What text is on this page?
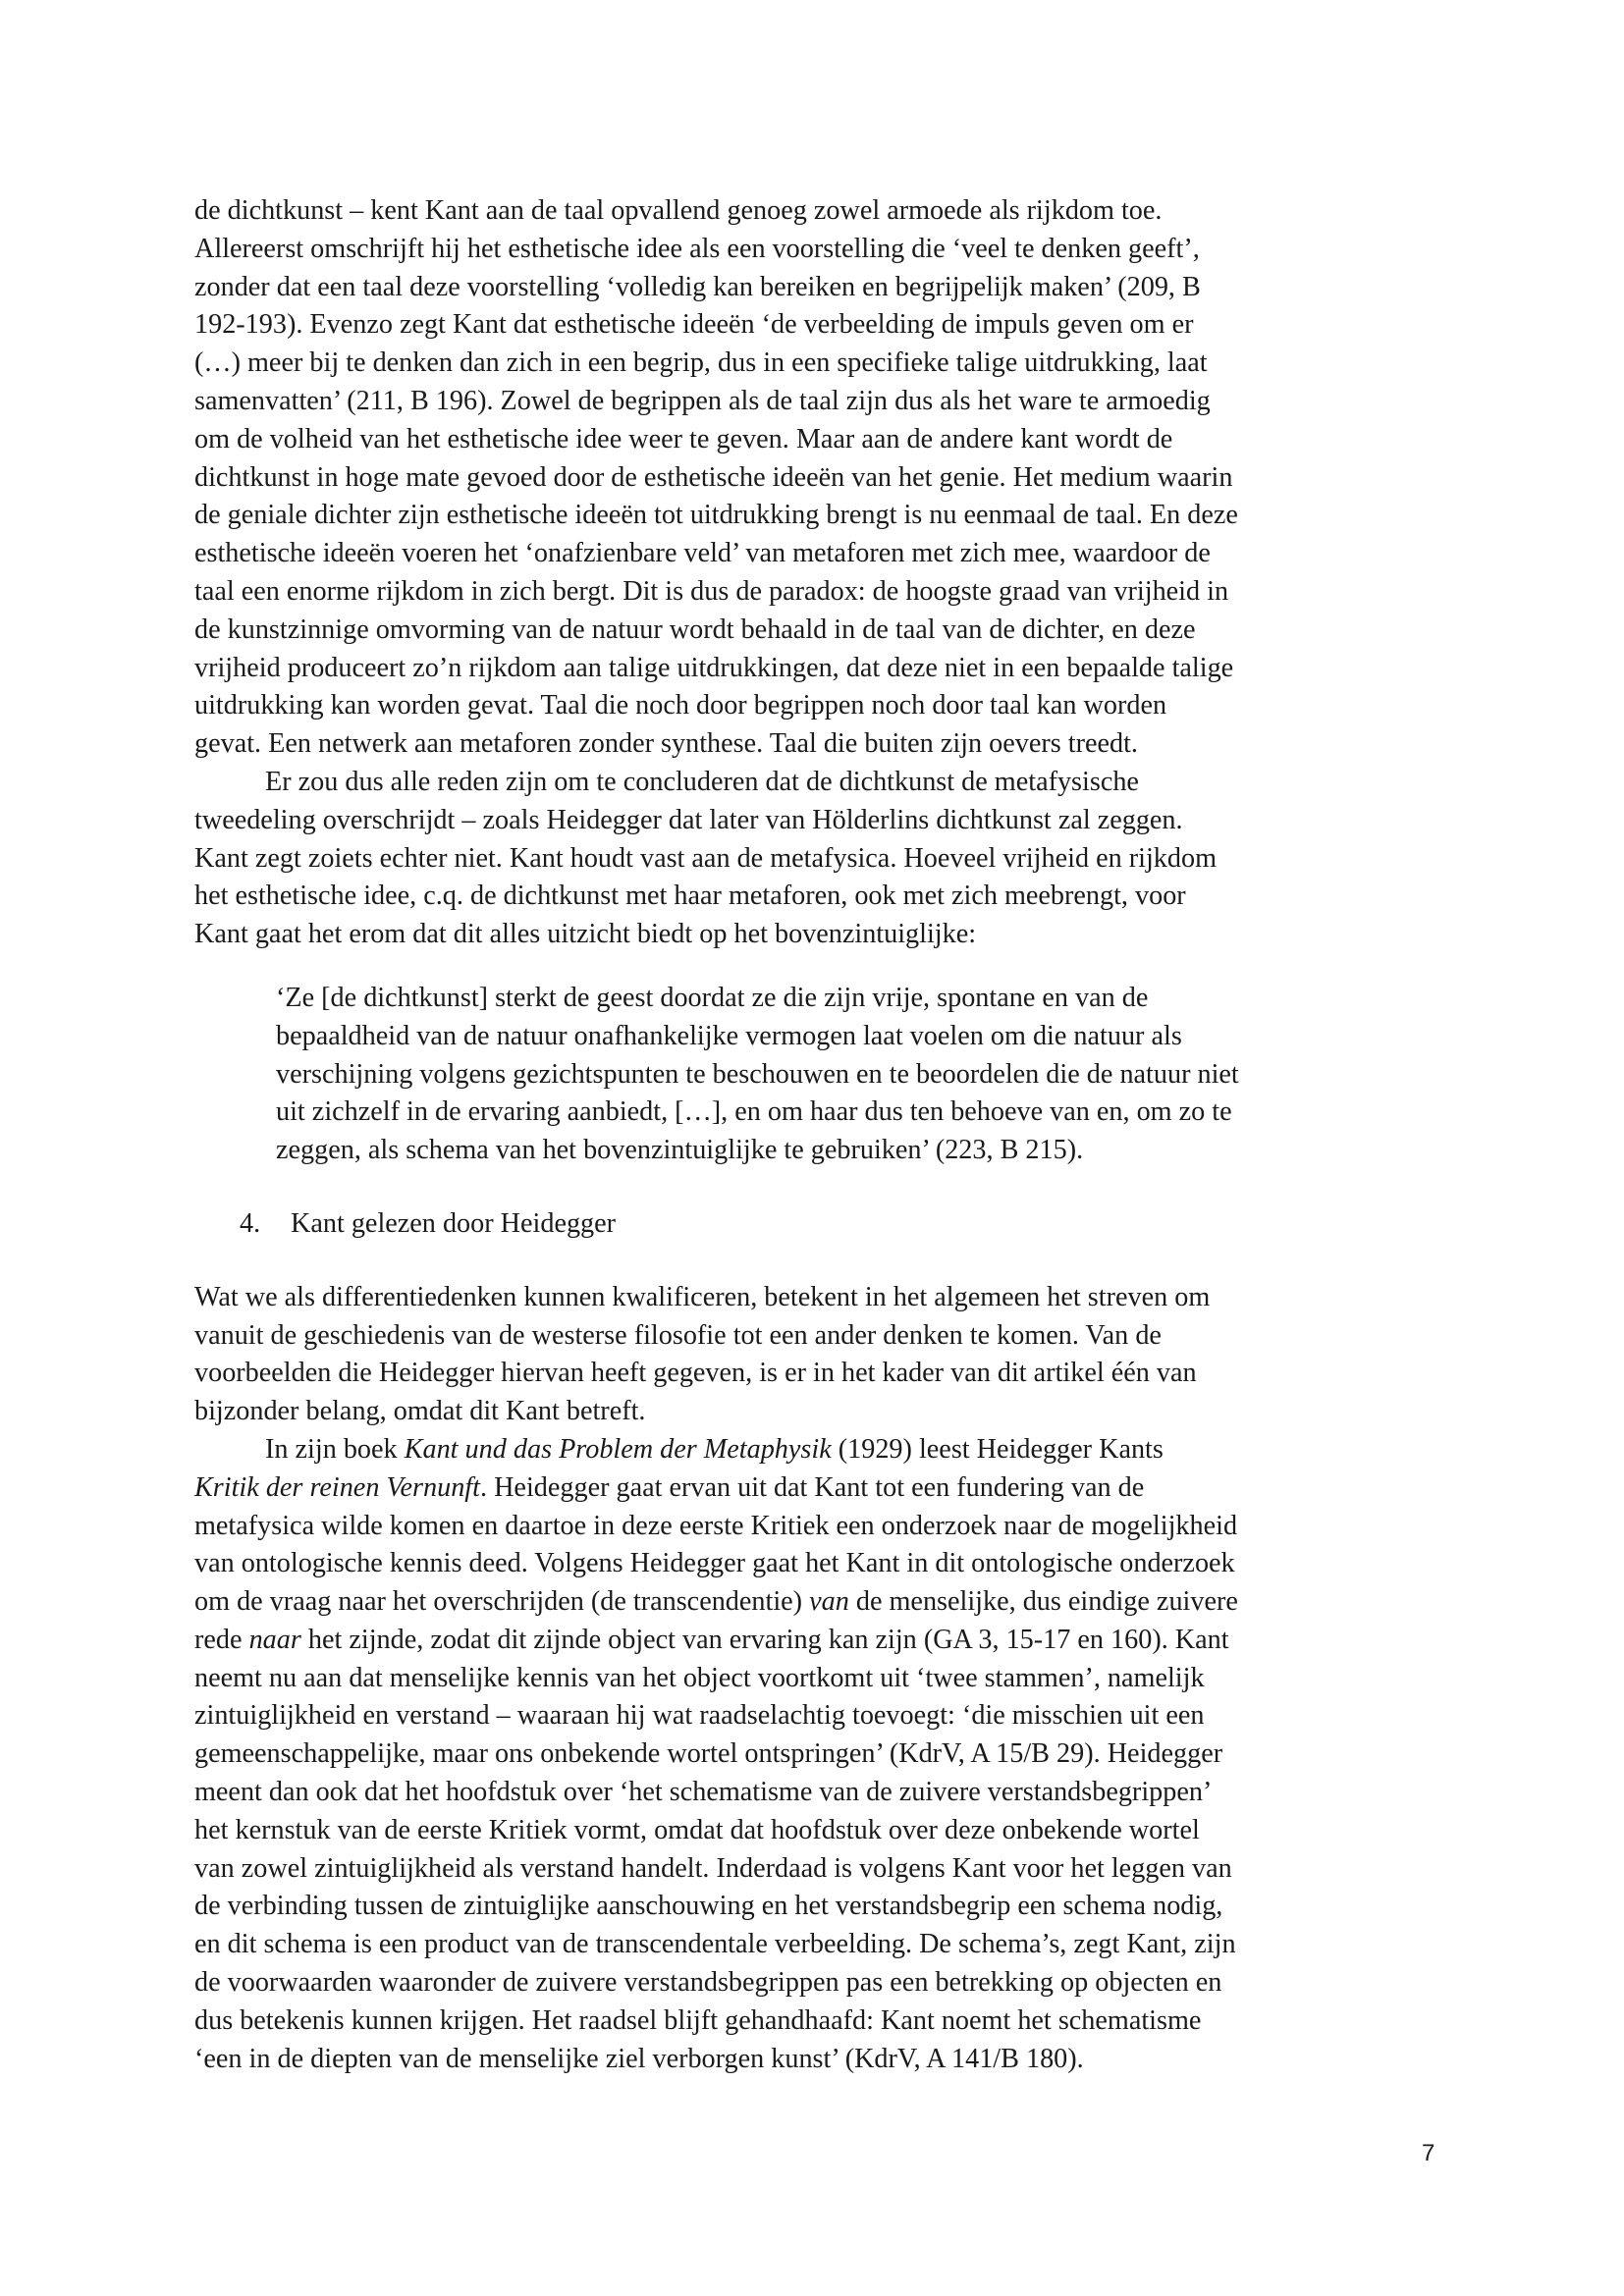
de dichtkunst – kent Kant aan de taal opvallend genoeg zowel armoede als rijkdom toe.
Allereerst omschrijft hij het esthetische idee als een voorstelling die ‘veel te denken geeft’,
zonder dat een taal deze voorstelling ‘volledig kan bereiken en begrijpelijk maken’ (209, B
192-193). Evenzo zegt Kant dat esthetische ideeën ‘de verbeelding de impuls geven om er
(…) meer bij te denken dan zich in een begrip, dus in een specifieke talige uitdrukking, laat
samenvatten’ (211, B 196). Zowel de begrippen als de taal zijn dus als het ware te armoedig
om de volheid van het esthetische idee weer te geven. Maar aan de andere kant wordt de
dichtkunst in hoge mate gevoed door de esthetische ideeën van het genie. Het medium waarin
de geniale dichter zijn esthetische ideeën tot uitdrukking brengt is nu eenmaal de taal. En deze
esthetische ideeën voeren het ‘onafzienbare veld’ van metaforen met zich mee, waardoor de
taal een enorme rijkdom in zich bergt. Dit is dus de paradox: de hoogste graad van vrijheid in
de kunstzinnige omvorming van de natuur wordt behaald in de taal van de dichter, en deze
vrijheid produceert zo’n rijkdom aan talige uitdrukkingen, dat deze niet in een bepaalde talige
uitdrukking kan worden gevat. Taal die noch door begrippen noch door taal kan worden
gevat. Een netwerk aan metaforen zonder synthese. Taal die buiten zijn oevers treedt.
Er zou dus alle reden zijn om te concluderen dat de dichtkunst de metafysische
tweedeling overschrijdt – zoals Heidegger dat later van Hölderlins dichtkunst zal zeggen.
Kant zegt zoiets echter niet. Kant houdt vast aan de metafysica. Hoeveel vrijheid en rijkdom
het esthetische idee, c.q. de dichtkunst met haar metaforen, ook met zich meebrengt, voor
Kant gaat het erom dat dit alles uitzicht biedt op het bovenzintuiglijke:
‘Ze [de dichtkunst] sterkt de geest doordat ze die zijn vrije, spontane en van de
bepaaldheid van de natuur onafhankelijke vermogen laat voelen om die natuur als
verschijning volgens gezichtspunten te beschouwen en te beoordelen die de natuur niet
uit zichzelf in de ervaring aanbiedt, […], en om haar dus ten behoeve van en, om zo te
zeggen, als schema van het bovenzintuiglijke te gebruiken’ (223, B 215).
4. Kant gelezen door Heidegger
Wat we als differentiedenken kunnen kwalificeren, betekent in het algemeen het streven om
vanuit de geschiedenis van de westerse filosofie tot een ander denken te komen. Van de
voorbeelden die Heidegger hiervan heeft gegeven, is er in het kader van dit artikel één van
bijzonder belang, omdat dit Kant betreft.
In zijn boek Kant und das Problem der Metaphysik (1929) leest Heidegger Kants
Kritik der reinen Vernunft. Heidegger gaat ervan uit dat Kant tot een fundering van de
metafysica wilde komen en daartoe in deze eerste Kritiek een onderzoek naar de mogelijkheid
van ontologische kennis deed. Volgens Heidegger gaat het Kant in dit ontologische onderzoek
om de vraag naar het overschrijden (de transcendentie) van de menselijke, dus eindige zuivere
rede naar het zijnde, zodat dit zijnde object van ervaring kan zijn (GA 3, 15-17 en 160). Kant
neemt nu aan dat menselijke kennis van het object voortkomt uit ‘twee stammen’, namelijk
zintuiglijkheid en verstand – waaraan hij wat raadselachtig toevoegt: ‘die misschien uit een
gemeenschappelijke, maar ons onbekende wortel ontspringen’ (KdrV, A 15/B 29). Heidegger
meent dan ook dat het hoofdstuk over ‘het schematisme van de zuivere verstandsbegrippen’
het kernstuk van de eerste Kritiek vormt, omdat dat hoofdstuk over deze onbekende wortel
van zowel zintuiglijkheid als verstand handelt. Inderdaad is volgens Kant voor het leggen van
de verbinding tussen de zintuiglijke aanschouwing en het verstandsbegrip een schema nodig,
en dit schema is een product van de transcendentale verbeelding. De schema’s, zegt Kant, zijn
de voorwaarden waaronder de zuivere verstandsbegrippen pas een betrekking op objecten en
dus betekenis kunnen krijgen. Het raadsel blijft gehandhaafd: Kant noemt het schematisme
‘een in de diepten van de menselijke ziel verborgen kunst’ (KdrV, A 141/B 180).
7
